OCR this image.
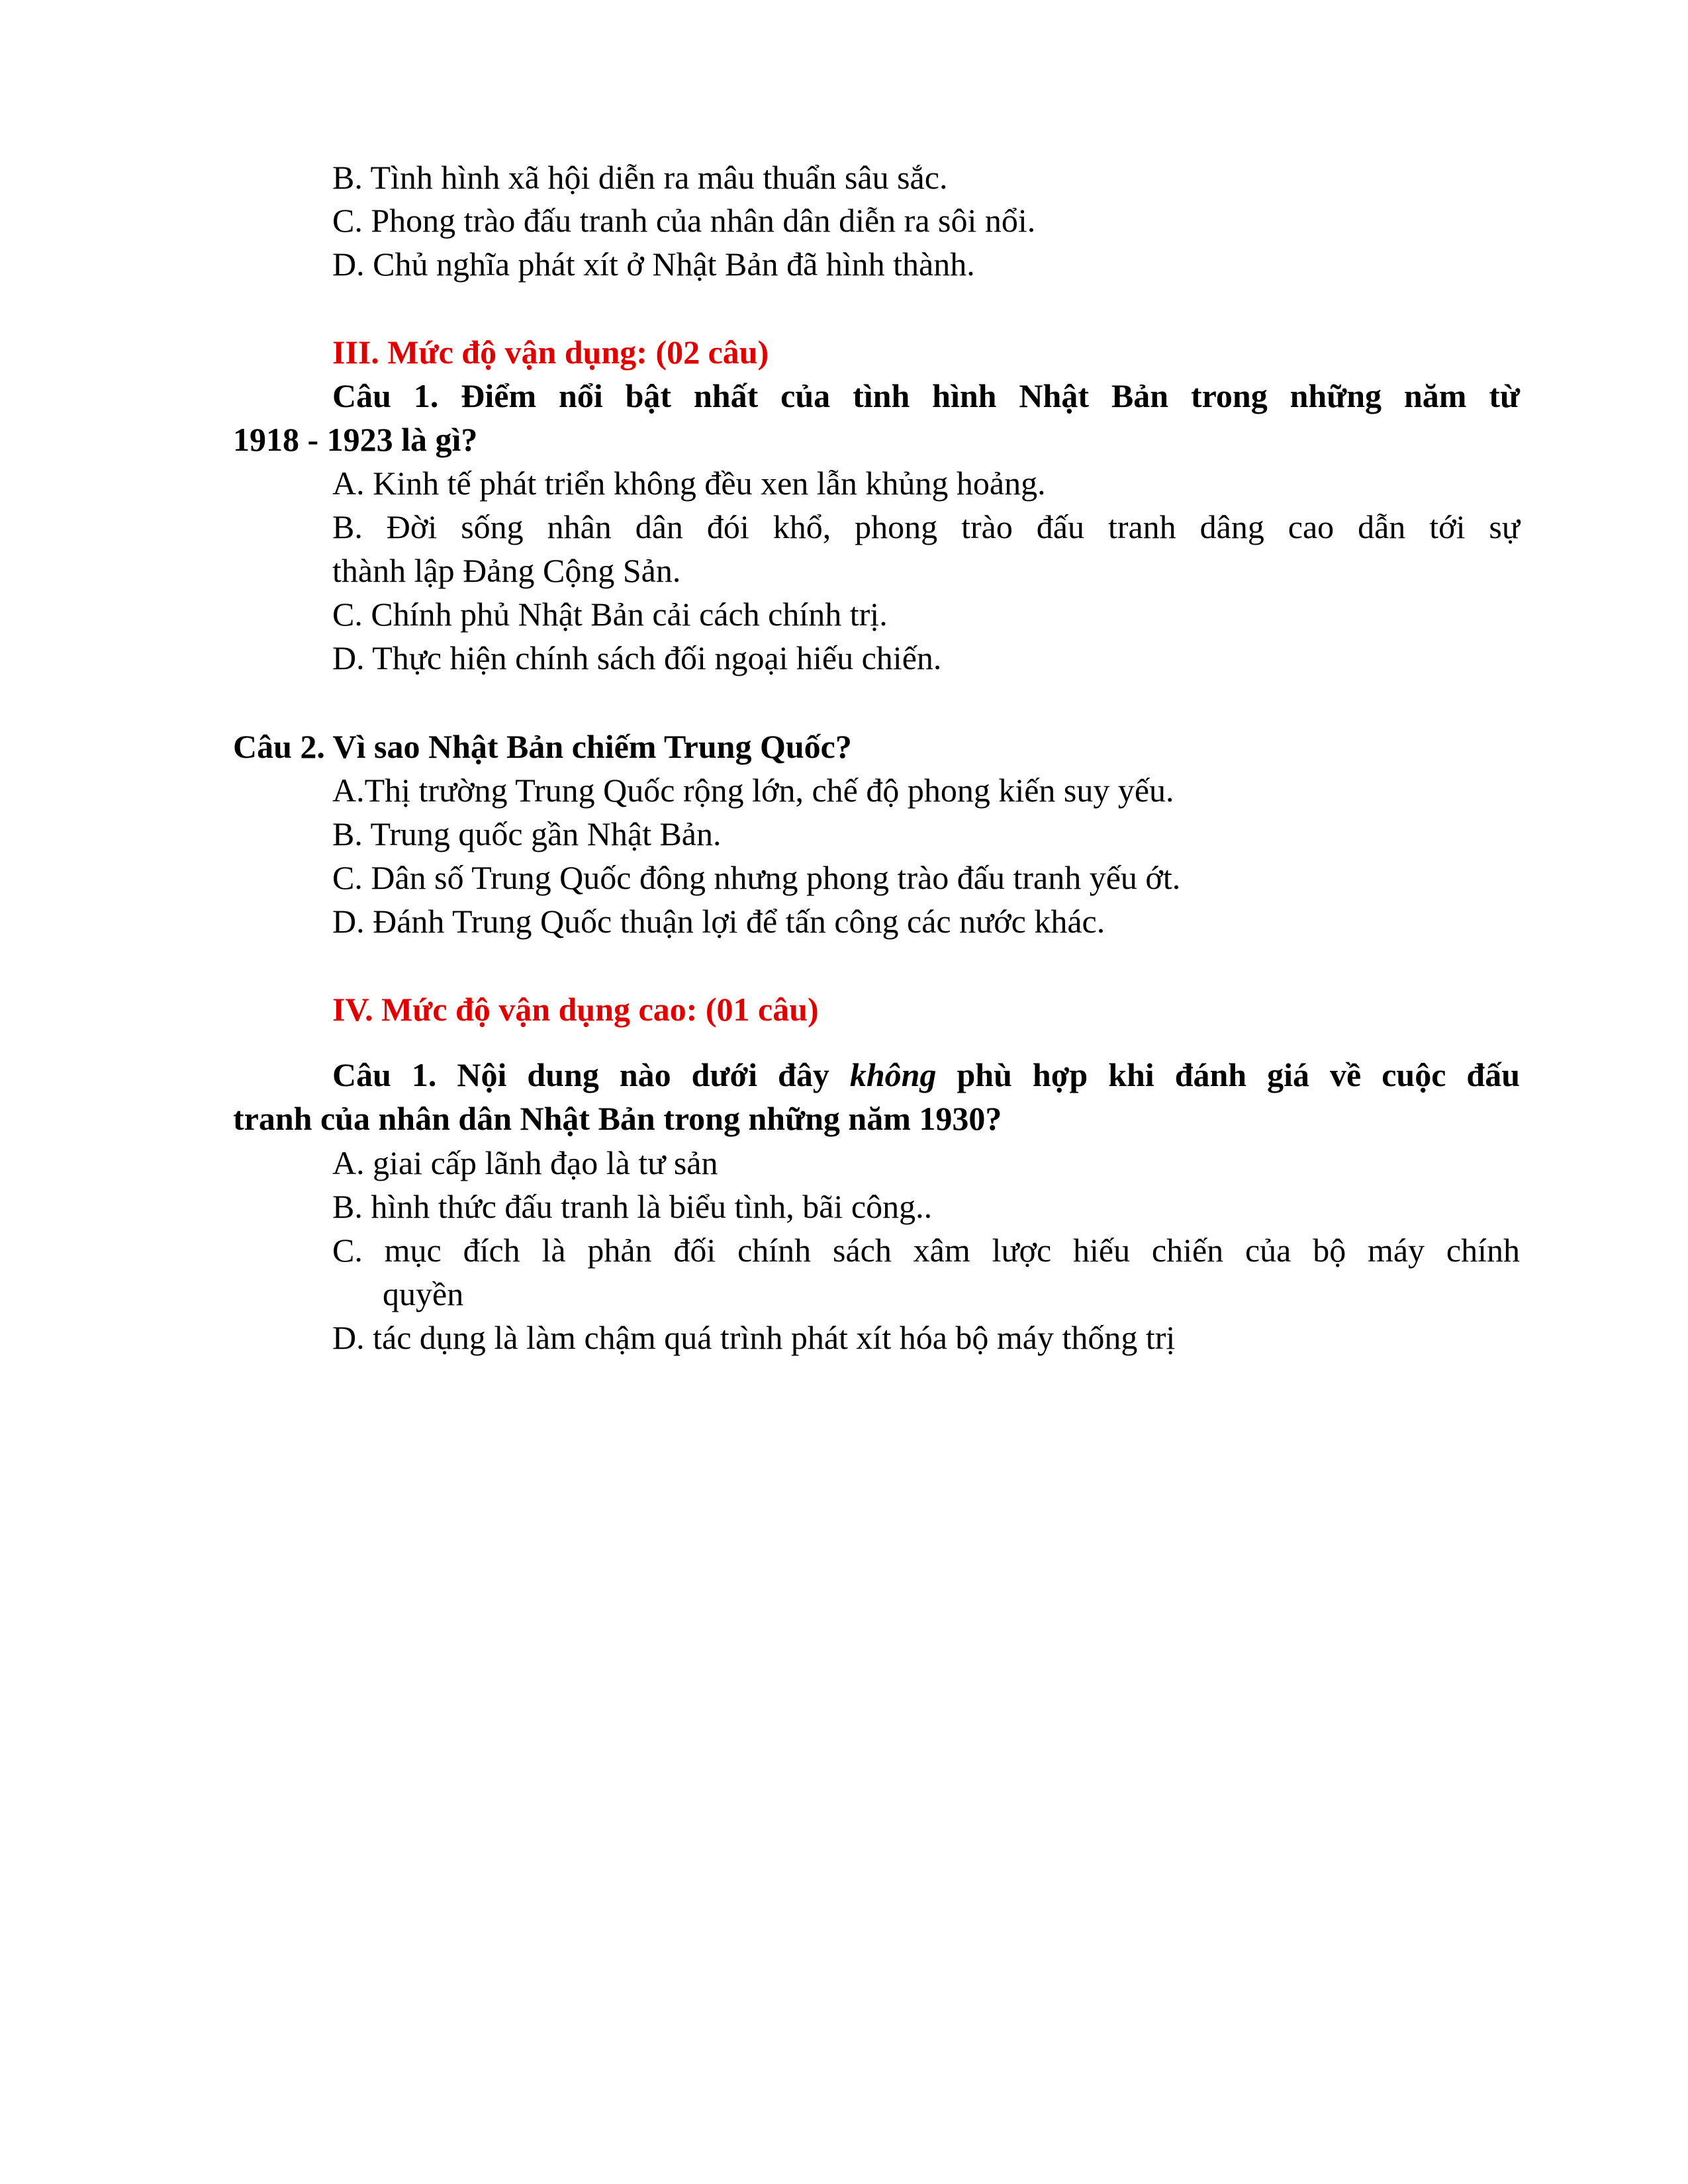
B. Tình hình xã hội diễn ra mâu thuẩn sâu sắc.
C. Phong trào đấu tranh của nhân dân diễn ra sôi nổi.
D. Chủ nghĩa phát xít ở Nhật Bản đã hình thành.
III. Mức độ vận dụng: (02 câu)
Câu 1. Điểm nổi bật nhất của tình hình Nhật Bản trong những năm từ
1918 - 1923 là gì?
A. Kinh tế phát triển không đều xen lẫn khủng hoảng.
B. Đời sống nhân dân đói khổ, phong trào đấu tranh dâng cao dẫn tới sự
thành lập Đảng Cộng Sản.
C. Chính phủ Nhật Bản cải cách chính trị.
D. Thực hiện chính sách đối ngoại hiếu chiến.
Câu 2. Vì sao Nhật Bản chiếm Trung Quốc?
A.Thị trường Trung Quốc rộng lớn, chế độ phong kiến suy yếu.
B. Trung quốc gần Nhật Bản.
C. Dân số Trung Quốc đông nhưng phong trào đấu tranh yếu ớt.
D. Đánh Trung Quốc thuận lợi để tấn công các nước khác.
IV. Mức độ vận dụng cao: (01 câu)
Câu 1. Nội dung nào dưới đây không phù hợp khi đánh giá về cuộc đấu
tranh của nhân dân Nhật Bản trong những năm 1930?
A. giai cấp lãnh đạo là tư sản
B. hình thức đấu tranh là biểu tình, bãi công..
C. mục đích là phản đối chính sách xâm lược hiếu chiến của bộ máy chính
quyền
D. tác dụng là làm chậm quá trình phát xít hóa bộ máy thống trị
